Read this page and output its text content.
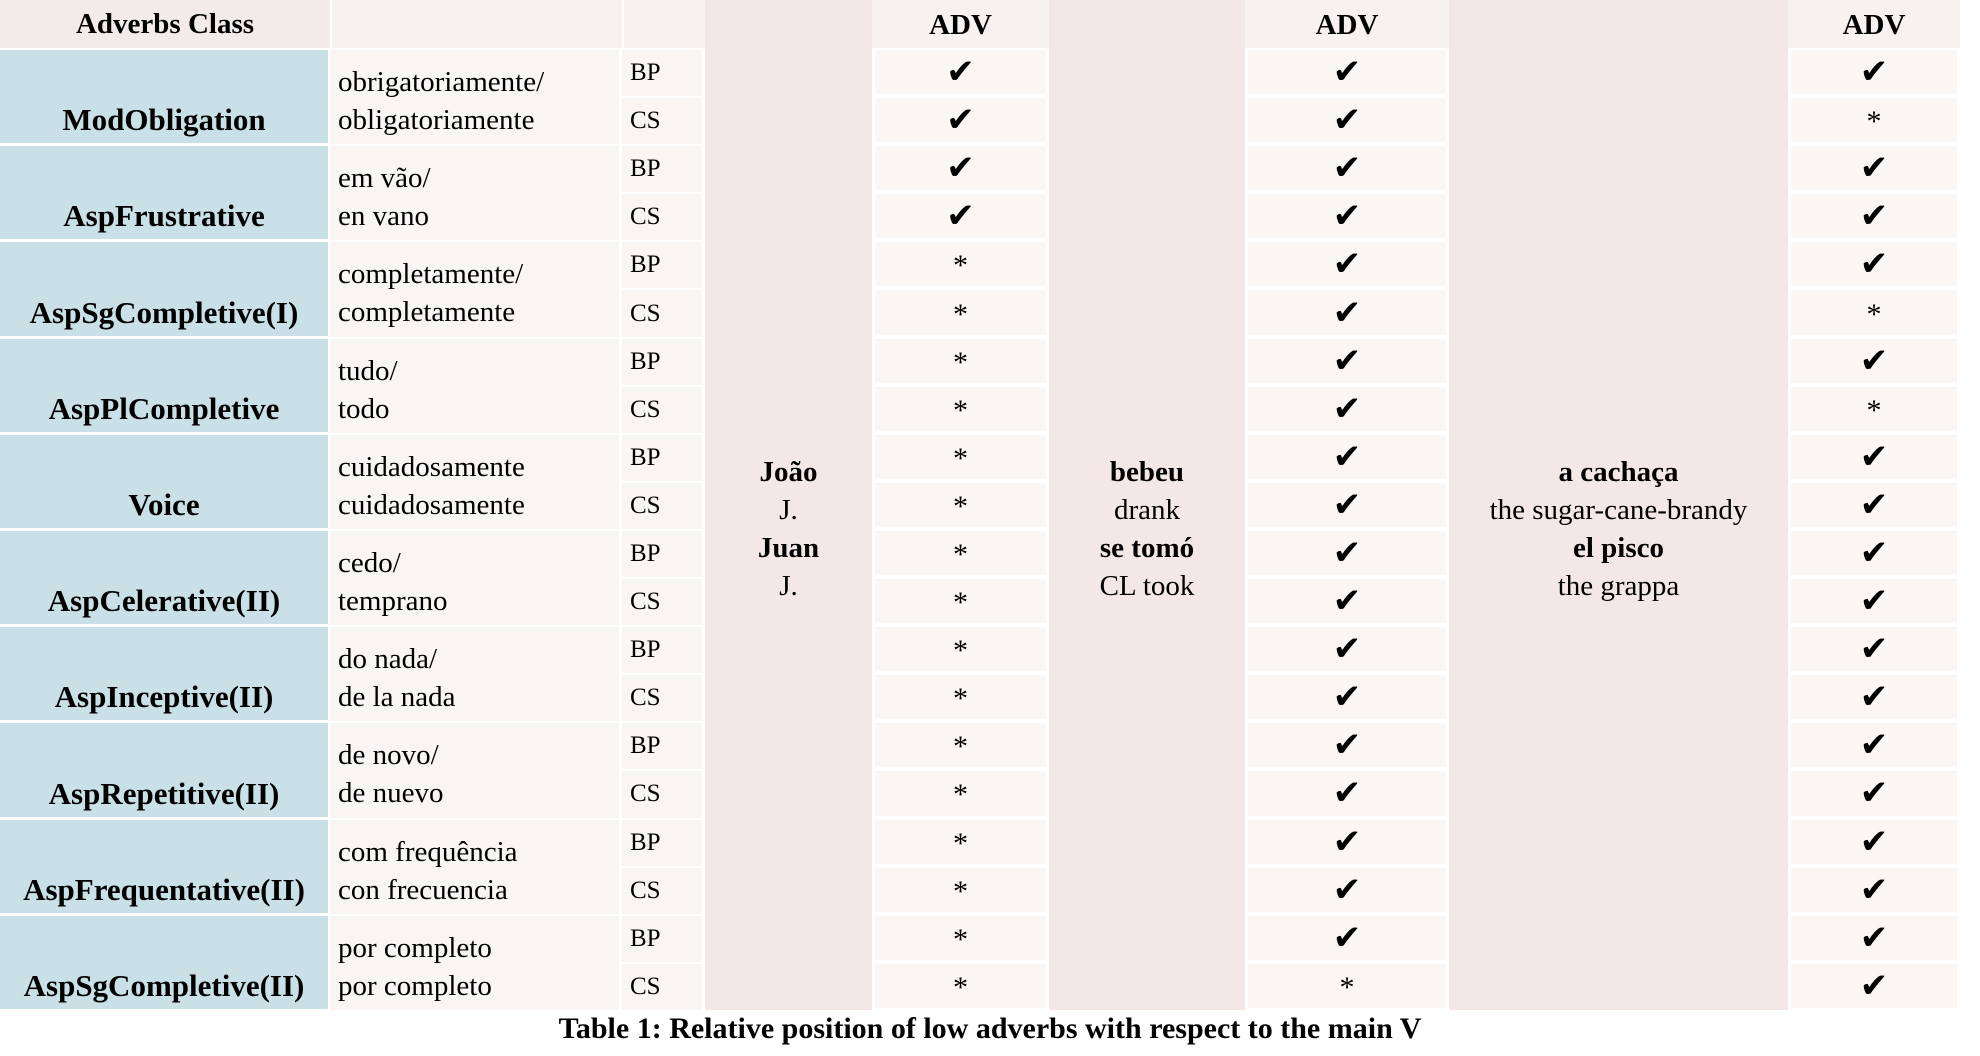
Adverbs Class	ADV	ADV	ADV
João
J.
Juan
J.
bebeu
drank
se tomó
CL took
a cachaça
the sugar-cane-brandy
el pisco
the grappa
ModObligation
obrigatoriamente/
obligatoriamente
BP	✔	✔	✔
CS	✔	✔	*
AspFrustrative
em vão/
en vano
BP	✔	✔	✔
CS	✔	✔	✔
AspSgCompletive(I)
completamente/
completamente
BP	*	✔	✔
CS	*	✔	*
AspPlCompletive
tudo/
todo
BP	*	✔	✔
CS	*	✔	*
Voice
cuidadosamente
cuidadosamente
BP	*	✔	✔
CS	*	✔	✔
AspCelerative(II)
cedo/
temprano
BP	*	✔	✔
CS	*	✔	✔
AspInceptive(II)
do nada/
de la nada
BP	*	✔	✔
CS	*	✔	✔
AspRepetitive(II)
de novo/
de nuevo
BP	*	✔	✔
CS	*	✔	✔
AspFrequentative(II)
com frequência
con frecuencia
BP	*	✔	✔
CS	*	✔	✔
AspSgCompletive(II)
por completo
por completo
BP	*	✔	✔
CS	*	*	✔
Table 1: Relative position of low adverbs with respect to the main V
